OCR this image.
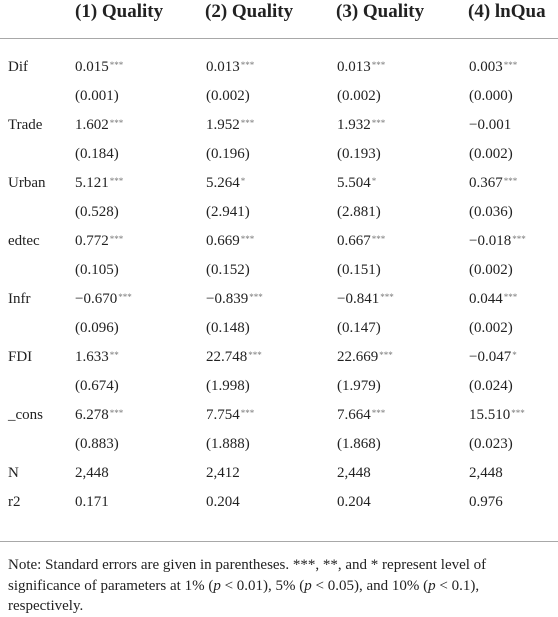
(1) Quality (2) Quality (3) Quality (4) lnQua
Dif	0.015***	0.013***	0.013***	0.003***
(0.001)	(0.002)	(0.002)	(0.000)
Trade 1.602***	1.952***	1.932***	−0.001
(0.184)	(0.196)	(0.193)	(0.002)
Urban 5.121***	5.264*	5.504*	0.367***
(0.528)	(2.941)	(2.881)	(0.036)
edtec 0.772***	0.669***	0.667***	−0.018***
(0.105)	(0.152)	(0.151)	(0.002)
Infr	−0.670***	−0.839***	−0.841***	0.044***
(0.096)	(0.148)	(0.147)	(0.002)
FDI	1.633**	22.748***	22.669***	−0.047*
(0.674)	(1.998)	(1.979)	(0.024)
_cons 6.278***	7.754***	7.664***	15.510***
(0.883)	(1.888)	(1.868)	(0.023)
N	2,448	2,412	2,448	2,448
r2	0.171	0.204	0.204	0.976
Note: Standard errors are given in parentheses. ***, **, and * represent level of significance of parameters at 1% (p < 0.01), 5% (p < 0.05), and 10% (p < 0.1), respectively.
